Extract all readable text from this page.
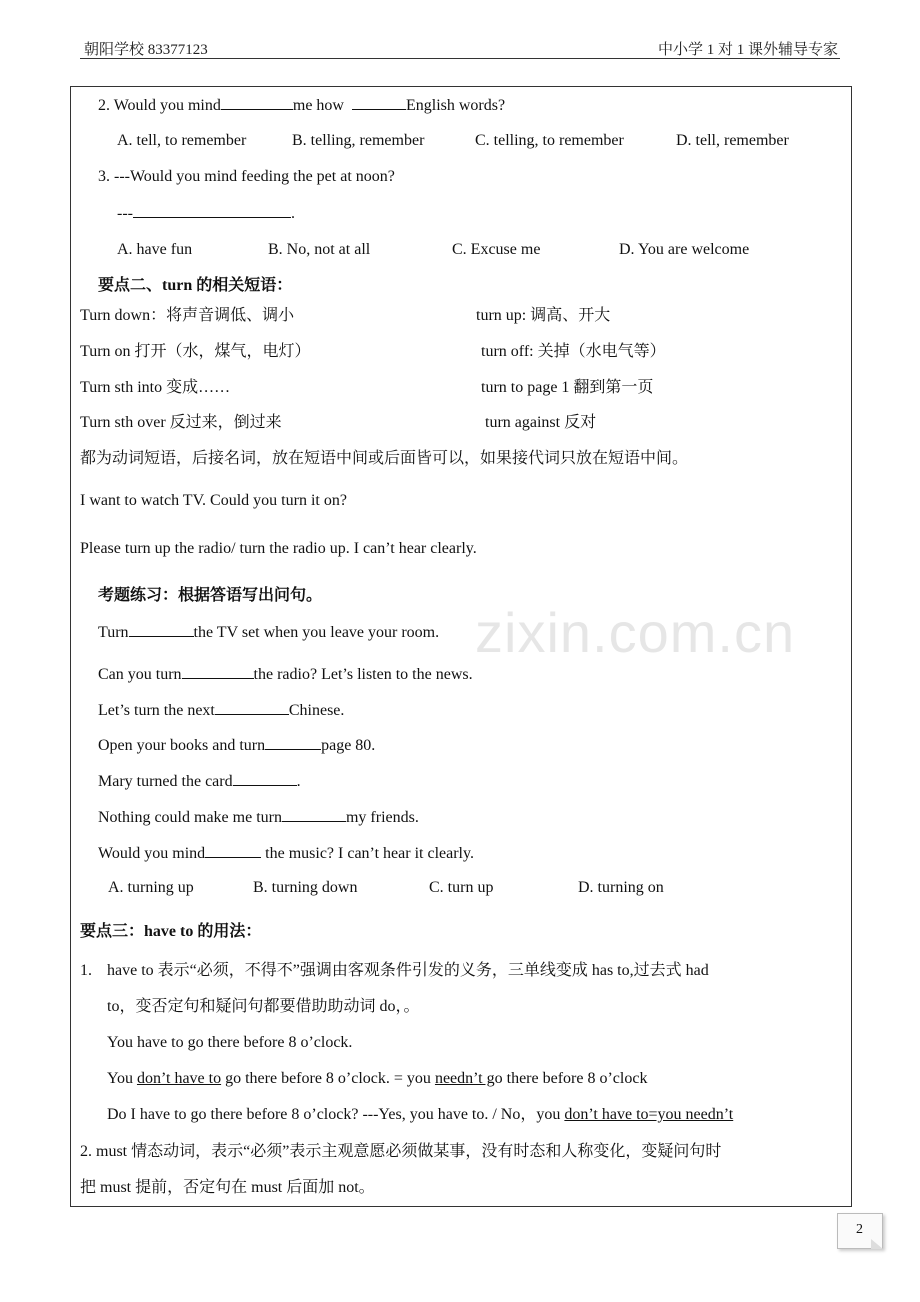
朝阳学校 83377123	中小学 1 对 1 课外辅导专家
zixin.com.cn
2. Would you mind	me how	English words?
A. tell, to remember	B. telling, remember	C. telling, to remember	D. tell, remember
3. ---Would you mind feeding the pet at noon?
---	.
A. have fun	B. No, not at all	C. Excuse me	D. You are welcome
要点二、turn 的相关短语：
Turn down：将声音调低、调小	turn up: 调高、开大
Turn on 打开（水，煤气，电灯）	turn off: 关掉（水电气等）
Turn sth into 变成……	turn to page 1 翻到第一页
Turn sth over 反过来，倒过来	turn against 反对
都为动词短语，后接名词，放在短语中间或后面皆可以，如果接代词只放在短语中间。
I want to watch TV. Could you turn it on?
Please turn up the radio/ turn the radio up. I can’t hear clearly.
考题练习：根据答语写出问句。
Turn	the TV set when you leave your room.
Can you turn	the radio? Let’s listen to the news.
Let’s turn the next	Chinese.
Open your books and turn	page 80.
Mary turned the card	.
Nothing could make me turn	my friends.
Would you mind	the music? I can’t hear it clearly.
A. turning up	B. turning down	C. turn up	D. turning on
要点三：have to 的用法：
1. have to 表示“必须，不得不”强调由客观条件引发的义务，三单线变成 has to,过去式 had
to，变否定句和疑问句都要借助助动词 do，。
You have to go there before 8 o’clock.
You don’t have to go there before 8 o’clock. = you needn’t go there before 8 o’clock
Do I have to go there before 8 o’clock? ---Yes, you have to. / No，you don’t have to=you needn’t
2. must 情态动词，表示“必须”表示主观意愿必须做某事，没有时态和人称变化，变疑问句时
把 must 提前，否定句在 must 后面加 not。
2
